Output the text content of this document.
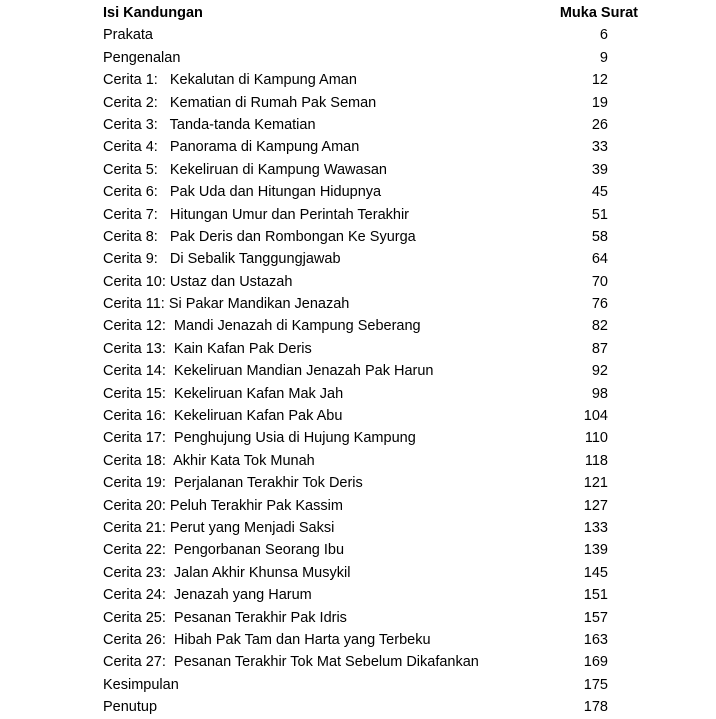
Isi Kandungan	Muka Surat
Prakata	6
Pengenalan	9
Cerita 1:   Kekalutan di Kampung Aman	12
Cerita 2:   Kematian di Rumah Pak Seman	19
Cerita 3:   Tanda-tanda Kematian	26
Cerita 4:   Panorama di Kampung Aman	33
Cerita 5:   Kekeliruan di Kampung Wawasan	39
Cerita 6:   Pak Uda dan Hitungan Hidupnya	45
Cerita 7:   Hitungan Umur dan Perintah Terakhir	51
Cerita 8:   Pak Deris dan Rombongan Ke Syurga	58
Cerita 9:   Di Sebalik Tanggungjawab	64
Cerita 10: Ustaz dan Ustazah	70
Cerita 11: Si Pakar Mandikan Jenazah	76
Cerita 12:  Mandi Jenazah di Kampung Seberang	82
Cerita 13:  Kain Kafan Pak Deris	87
Cerita 14:  Kekeliruan Mandian Jenazah Pak Harun	92
Cerita 15:  Kekeliruan Kafan Mak Jah	98
Cerita 16:  Kekeliruan Kafan Pak Abu	104
Cerita 17:  Penghujung Usia di Hujung Kampung	110
Cerita 18:  Akhir Kata Tok Munah	118
Cerita 19:  Perjalanan Terakhir Tok Deris	121
Cerita 20: Peluh Terakhir Pak Kassim	127
Cerita 21: Perut yang Menjadi Saksi	133
Cerita 22:  Pengorbanan Seorang Ibu	139
Cerita 23:  Jalan Akhir Khunsa Musykil	145
Cerita 24:  Jenazah yang Harum	151
Cerita 25:  Pesanan Terakhir Pak Idris	157
Cerita 26:  Hibah Pak Tam dan Harta yang Terbeku	163
Cerita 27:  Pesanan Terakhir Tok Mat Sebelum Dikafankan	169
Kesimpulan	175
Penutup	178
